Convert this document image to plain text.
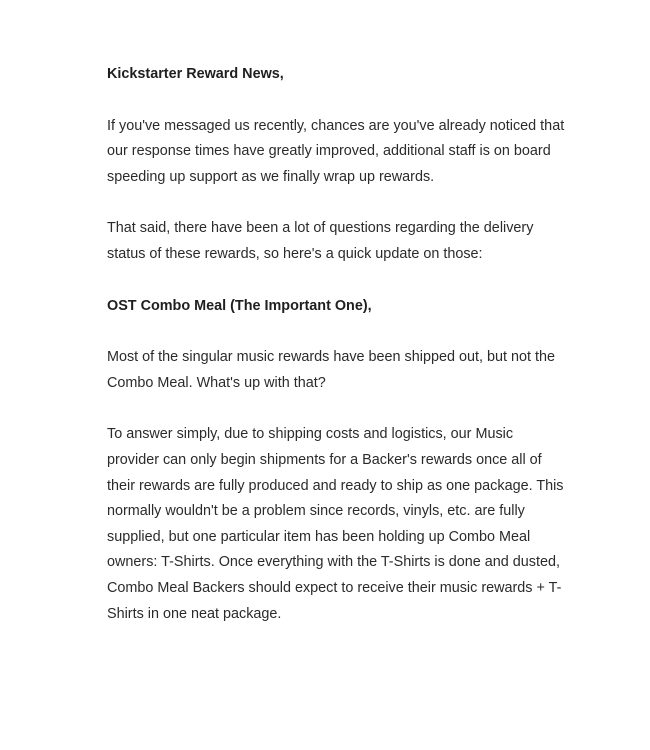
Kickstarter Reward News,

If you've messaged us recently, chances are you've already noticed that our response times have greatly improved, additional staff is on board speeding up support as we finally wrap up rewards.

That said, there have been a lot of questions regarding the delivery status of these rewards, so here's a quick update on those:

OST Combo Meal (The Important One),

Most of the singular music rewards have been shipped out, but not the Combo Meal. What's up with that?

To answer simply, due to shipping costs and logistics, our Music provider can only begin shipments for a Backer's rewards once all of their rewards are fully produced and ready to ship as one package. This normally wouldn't be a problem since records, vinyls, etc. are fully supplied, but one particular item has been holding up Combo Meal owners: T-Shirts. Once everything with the T-Shirts is done and dusted, Combo Meal Backers should expect to receive their music rewards + T-Shirts in one neat package.
